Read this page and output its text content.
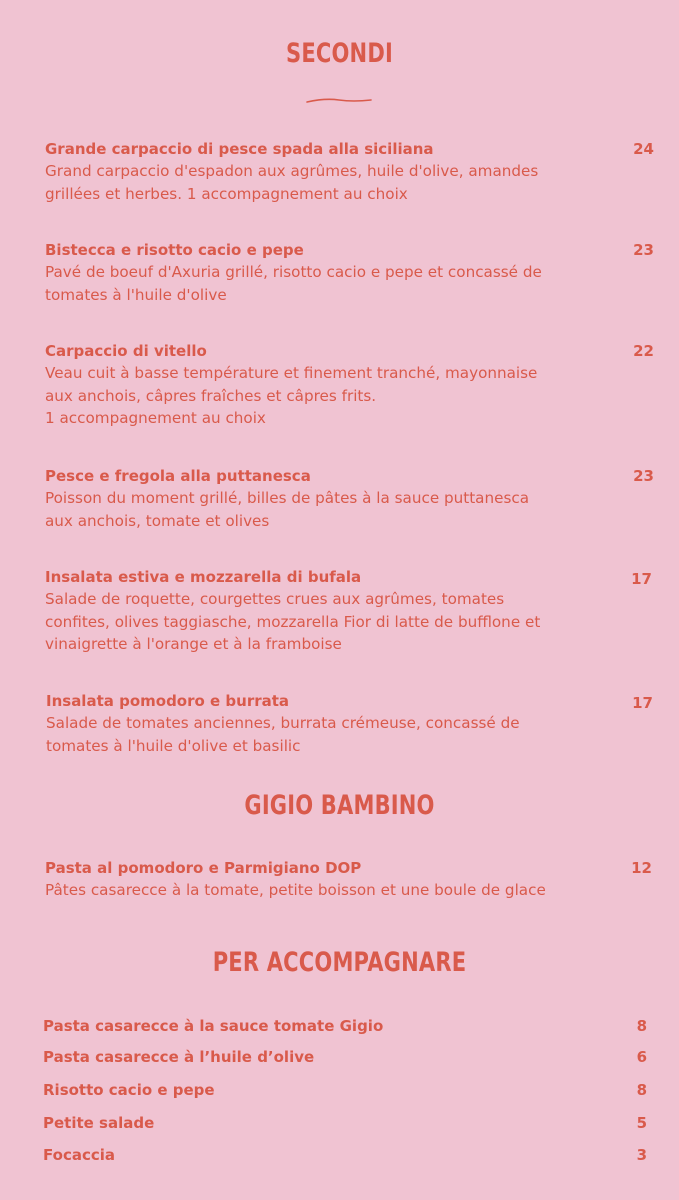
SECONDI
Grande carpaccio di pesce spada alla siciliana
Grand carpaccio d'espadon aux agrûmes, huile d'olive, amandes
grillées et herbes. 1 accompagnement au choix
24
Bistecca e risotto cacio e pepe
Pavé de boeuf d'Axuria grillé, risotto cacio e pepe et concassé de
tomates à l'huile d'olive
23
Carpaccio di vitello
Veau cuit à basse température et finement tranché, mayonnaise
aux anchois, câpres fraîches et câpres frits.
1 accompagnement au choix
22
Pesce e fregola alla puttanesca
Poisson du moment grillé, billes de pâtes à la sauce puttanesca
aux anchois, tomate et olives
23
Insalata estiva e mozzarella di bufala
Salade de roquette, courgettes crues aux agrûmes, tomates
confites, olives taggiasche, mozzarella Fior di latte de bufflone et
vinaigrette à l'orange et à la framboise
17
Insalata pomodoro e burrata
Salade de tomates anciennes, burrata crémeuse, concassé de
tomates à l'huile d'olive et basilic
17
GIGIO BAMBINO
Pasta al pomodoro e Parmigiano DOP
Pâtes casarecce à la tomate, petite boisson et une boule de glace
12
PER ACCOMPAGNARE
Pasta casarecce à la sauce tomate Gigio	8
Pasta casarecce à l’huile d’olive	6
Risotto cacio e pepe	8
Petite salade	5
Focaccia	3
